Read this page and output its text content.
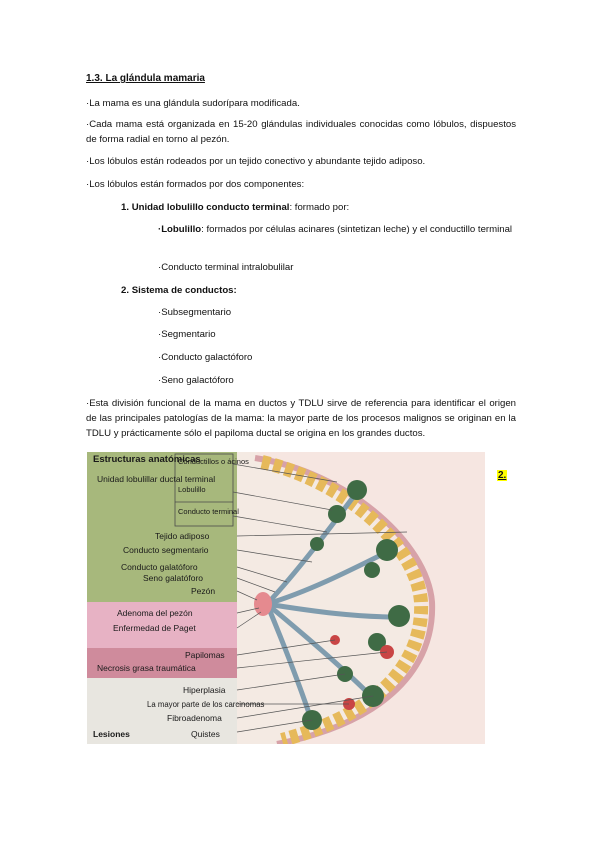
1.3. La glándula mamaria

·La mama es una glándula sudorípara modificada.

·Cada mama está organizada en 15-20 glándulas individuales conocidas como lóbulos, dispuestos de forma radial en torno al pezón.

·Los lóbulos están rodeados por un tejido conectivo y abundante tejido adiposo.

·Los lóbulos están formados por dos componentes:

1. Unidad lobulillo conducto terminal: formado por:

·Lobulillo: formados por células acinares (sintetizan leche) y el conductillo terminal

·Conducto terminal intralobulilar

2. Sistema de conductos:

·Subsegmentario

·Segmentario

·Conducto galactóforo

·Seno galactóforo

·Esta división funcional de la mama en ductos y TDLU sirve de referencia para identificar el origen de las principales patologías de la mama: la mayor parte de los procesos malignos se originan en la TDLU y prácticamente sólo el papiloma ductal se origina en los grandes ductos.

2.
Estructuras anatómicas
Unidad lobulillar ductal terminal
Conductillos o ácinos
Lobulillo
Conducto terminal
Tejido adiposo
Conducto segmentario
Conducto galatóforo
Seno galatóforo
Pezón
Adenoma del pezón
Enfermedad de Paget
Papilomas
Necrosis grasa traumática
Hiperplasia
La mayor parte de los carcinomas
Fibroadenoma
Quistes
Lesiones
